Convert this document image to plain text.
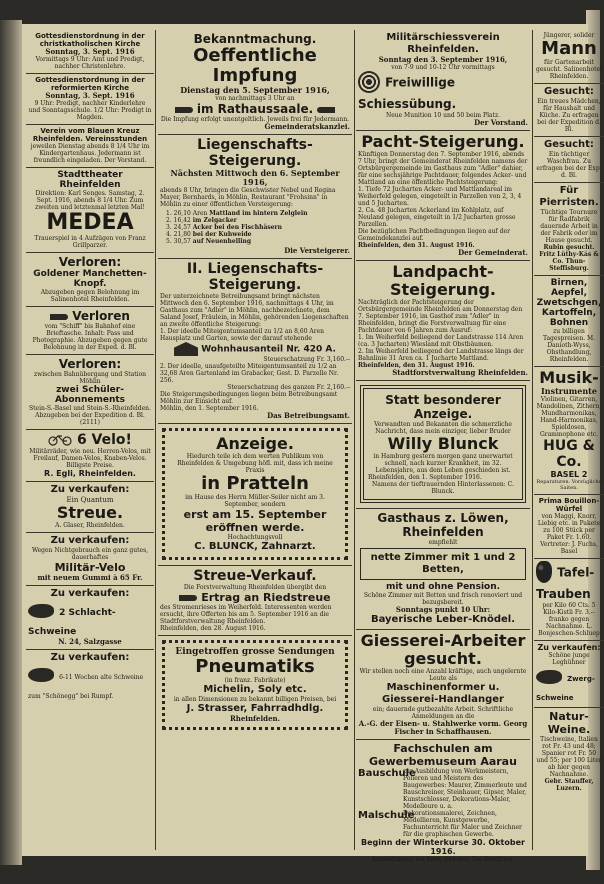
Gottesdienstordnung in der christkatholischen Kirche
Sonntag, 3. Sept. 1916
Vormittags 9 Uhr: Amt und Predigt, nachher Christenlehre.
Gottesdienstordnung in der reformierten Kirche
Sonntag, 3. Sept. 1916
9 Uhr: Predigt, nachher Kinderlehre und Sonntagsschule. 1/2 Uhr: Predigt in Magden.
Verein vom Blauen Kreuz Rheinfelden. Vereinsstunden
jeweilen Dienstag abends 8 1/4 Uhr im Kindergartenhaus. Jedermann ist freundlich eingeladen. Der Vorstand.
Stadttheater Rheinfelden
Direktion: Karl Senges. Samstag, 2. Sept. 1916, abends 8 1/4 Uhr. Zum zweiten und letztenmal letzten Mal!
MEDEA
Trauerspiel in 4 Aufzügen von Franz Grillparzer.
Verloren:
Goldener Manchetten-Knopf.
Abzugeben gegen Belohnung im Salinenhotel Rheinfelden.
Verloren
vom "Schiff" bis Bahnhof eine Brieftasche. Inhalt: Pass und Photographie. Abzugeben gegen gute Belohnung in der Exped. d. Bl.
Verloren:
zwischen Bahnübergang und Station Möhlin
zwei Schüler-Abonnements
Stein-S.-Basel und Stein-S.-Rheinfelden. Abzugeben bei der Expedition d. Bl. (2111)
6 Velo!
Militärräder, wie neu. Herren-Velos, mit Freilauf, Damen-Velos, Knaben-Velos. Billigste Preise.
R. Egli, Rheinfelden.
Zu verkaufen:
Ein Quantum
Streue.
A. Glaser, Rheinfelden.
Zu verkaufen:
Wegen Nichtgebrauch ein ganz gutes, dauerhaftes
Militär-Velo
mit neuem Gummi à 65 Fr.
Zu verkaufen:
2 Schlacht-Schweine
N. 24, Salzgasse
Zu verkaufen:
6-11 Wochen alte Schweine zum "Schönegg" bei Rumpf.
Bekanntmachung.
Oeffentliche Impfung
Dienstag den 5. September 1916,
von nachmittags 3 Uhr an
im Rathaussaale.
Die Impfung erfolgt unentgeltlich. Jeweils frei für Jedermann.
Gemeinderatskanzlei.
Liegenschafts-Steigerung.
Nächsten Mittwoch den 6. September 1916,
abends 8 Uhr, bringen die Geschwister Nebel und Regina Mayer, Bernhards, in Möhlin, Restaurant "Frohsinn" in Möhlin zu einer öffentlichen Versteigerung:
1. 26,10 Aren Mattland im hintern Zelglein
2. 16,42 im Zelgacker
3. 24,57 Acker bei den Fischhäsern
4. 21,80 bei der Kuhweide
5. 30,57 auf Neuenhelling
Die Versteigerer.
II. Liegenschafts-Steigerung.
Der unterzeichnete Betreibungsamt bringt nächsten Mittwoch den 6. September 1916, nachmittags 4 Uhr, im Gasthaus zum "Adler" in Möhlin, nachbezeichnete, dem Saland Josef, Fräulein, in Möhlin, gehörenden Liegenschaften an zweite öffentliche Steigerung:
1. Der ideelle Miteigentumsanteil zu 1/2 an 8,60 Aren Hausplatz und Garten, sowie der darauf stehende
Wohnhausanteil Nr. 420 A.
Steuerschatzung Fr. 3,160.--
2. Der ideelle, unaufgeteilte Miteigentumsanteil zu 1/2 an 32,68 Aren Gartenland im Grabacker, Gest. D. Parzelle Nr. 256.
Steuerschatzung des ganzen Fr. 2,160.--
Die Steigerungsbedingungen liegen beim Betreibungsamt Möhlin zur Einsicht auf.
Möhlin, den 1. September 1916.
Das Betreibungsamt.
Anzeige.
Hiedurch teile ich dem werten Publikum von Rheinfelden & Umgebung höfl. mit, dass ich meine Praxis
in Pratteln
im Hause des Herrn Müller-Seiler nicht am 3. September, sondern
erst am 15. September eröffnen werde.
Hochachtungsvoll
C. BLUNCK, Zahnarzt.
Streue-Verkauf.
Die Forstverwaltung Rheinfelden übergibt den
Ertrag an Riedstreue
des Stromenrieses im Weiherfeld. Interessenten werden ersucht, ihre Offerten bis am 5. September 1916 an die Stadtforstverwaltung Rheinfelden.
Rheinfelden, den 28. August 1916.
Eingetroffen grosse Sendungen
Pneumatiks
(in franz. Fabrikate)
Michelin, Soly etc.
in allen Dimensionen zu bekannt billigen Preisen, bei
J. Strasser, Fahrradhdlg.
Rheinfelden.
Militärschiessverein Rheinfelden.
Sonntag den 3. September 1916,
von 7-9 und 10-12 Uhr vormittags
Freiwillige Schiessübung.
Neue Munition 10 und 50 beim Platz.
Der Vorstand.
Pacht-Steigerung.
Künftigen Donnerstag den 7. September 1916, abends 7 Uhr, bringt der Gemeinderat Rheinfelden namens der Ortsbürgergemeinde im Gasthaus zum "Adler" dahier, für eine sechsjährige Pachtdauer, folgendes Acker- und Mattland an eine öffentliche Pachtsteigerung:
1. Tiefe 72 Jucharten Acker- und Mattlandareal im Weiherfeld gelegen, eingeteilt in Parzellen von 2, 3, 4 und 5 Jucharten.
2. Ca. 48 Jucharten Ackerland im Kohlplatz, auf Neuland gelegen, eingeteilt in 1/2 Jucharten grosse Parzellen.
Die bezüglichen Pachtbedingungen liegen auf der Gemeindekanzlei auf.
Rheinfelden, den 31. August 1916.
Der Gemeinderat.
Landpacht-Steigerung.
Nachträglich der Pachtsteigerung der Ortsbürgergemeinde Rheinfelden am Donnerstag den 7. September 1916, im Gasthof zum "Adler" in Rheinfelden, bringt die Forstverwaltung für eine Pachtdauer von 6 Jahren zum Ausruf:
1. Im Weiherfeld beiliegend der Landstrasse 114 Aren (ca. 3 Jucharten) Wiesland mit Obstbäumen.
2. Im Weiherfeld beiliegend der Landstrasse längs der Bahnlinie 31 Aren ca. 1 Jucharte Mattland.
Rheinfelden, den 31. August 1916.
Stadtforstverwaltung Rheinfelden.
Statt besonderer Anzeige.
Verwandten und Bekannten die schmerzliche Nachricht, dass mein einziger, lieber Bruder
Willy Blunck
in Hamburg gestern morgen ganz unerwartet schnell, nach kurzer Krankheit, im 32. Lebensjahre, aus dem Leben geschieden ist.
Rheinfelden, den 1. September 1916.
Namens der tieftrauernden Hinterlassenen: C. Blunck.
Gasthaus z. Löwen, Rheinfelden
empfiehlt
nette Zimmer mit 1 und 2 Betten,
mit und ohne Pension.
Schöne Zimmer mit Betten und frisch renoviert und bezugsbereit.
Sonntags punkt 10 Uhr:
Bayerische Leber-Knödel.
Giesserei-Arbeiter gesucht.
Wir stellen noch eine Anzahl kräftige, auch ungelernte Leute als
Maschinenformer u. Giesserei-Handlanger
ein; dauernde gutbezahlte Arbeit. Schriftliche Anmeldungen an die
A.-G. der Eisen- u. Stahlwerke vorm. Georg Fischer in Schaffhausen.
Fachschulen am Gewerbemuseum Aarau
Bauschule
zur Ausbildung von Werkmeistern, Polieren und Meistern des Baugewerbes: Maurer, Zimmerleute und Bauschreiner, Steinhauer, Gipser, Maler, Kunstschlosser, Dekorations-Maler, Modelleure u. a.
Malschule
Dekorationsmalerei, Zeichnen, Modellieren, Kunstgewerbe, Fachunterricht für Maler und Zeichner für die graphischen Gewerbe.
Beginn der Winterkurse 30. Oktober 1916.
Anmeldungen bis Ende Oktober. Die Direktion.
Jüngerer, solider
Mann
für Gartenarbeit gesucht. Salinenhotel Rheinfelden.
Gesucht:
Ein treues Mädchen, für Haushalt und Küche. Zu erfragen bei der Expedition d. Bl.
Gesucht:
Ein tüchtiger Waschfrau. Zu erfragen bei der Exp. d. Bl.
Für Pierristen.
Tüchtige Tournure für Radfabrik dauernde Arbeit in der Fabrik oder im Hause gesucht.
Rubin gesucht.
Fritz Lüthy-Käs & Co. Thun-Steffisburg.
Birnen, Aepfel, Zwetschgen, Kartoffeln, Bohnen
zu billigen Tagespreisen. M. Danioth-Wyss, Obsthandlung, Rheinfelden.
Musik-
Instrumente
Violinen, Gitarren, Mandolinen, Zithern, Mundharmonikas, Hand-Harmonikas, Spieldosen, Grammophone etc.
HUG & Co.
BASEL 2
Reparaturen. Vorzügliche Saiten.
Prima Bouillon-Würfel
von Maggi, Knorr, Liebig etc. in Pakete zu 100 Stück per Paket Fr. 1.60.
Vertreter: J. Fuchs, Basel
Tafel-Trauben
per Kilo 60 Cts. 5 Kilo-Kistli Fr. 3.-- franko gegen Nachnahme. L. Bonjeschen-Schluep
Zu verkaufen:
Schöne junge Leghühner
Zwerg-Schweine
Natur-Weine.
Tischweine, Italien rot Fr. 43 und 48; Spanier rot Fr. 50 und 55; per 100 Liter ab hier gegen Nachnahme.
Gebr. Stauffer, Luzern.
